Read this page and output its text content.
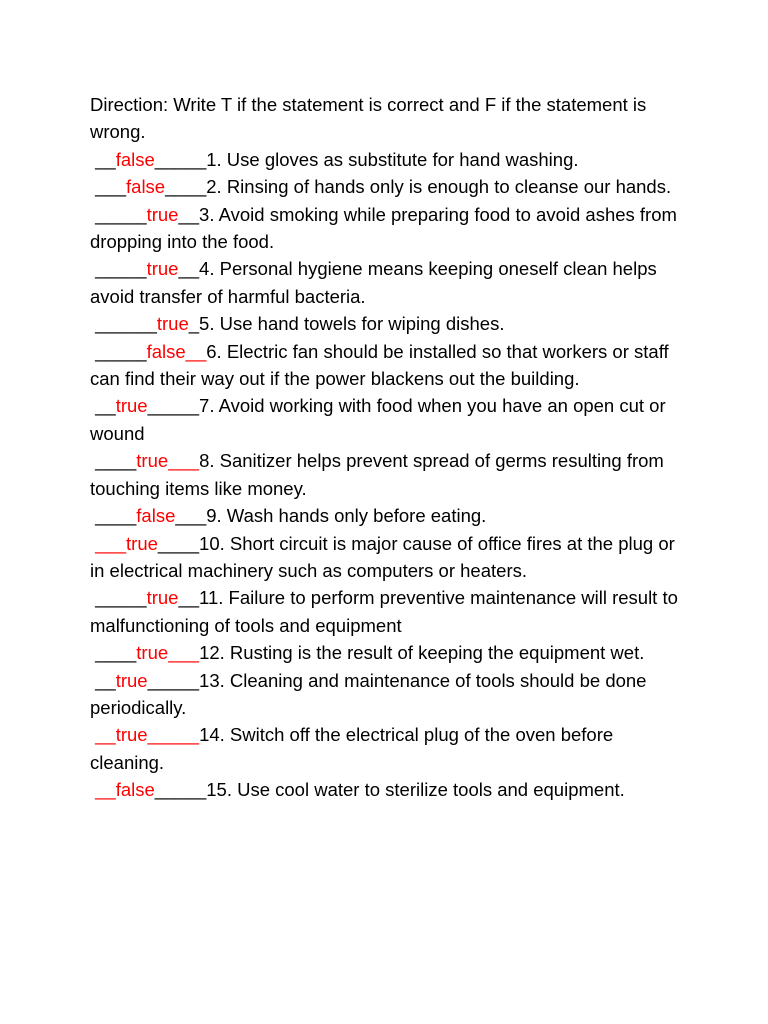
Direction: Write T if the statement is correct and F if the statement is wrong.
__false_____1. Use gloves as substitute for hand washing.
___false____2. Rinsing of hands only is enough to cleanse our hands.
_____true__3. Avoid smoking while preparing food to avoid ashes from dropping into the food.
_____true__4. Personal hygiene means keeping oneself clean helps avoid transfer of harmful bacteria.
______true_5. Use hand towels for wiping dishes.
_____false__6. Electric fan should be installed so that workers or staff can find their way out if the power blackens out the building.
__true_____7. Avoid working with food when you have an open cut or wound
____true___8. Sanitizer helps prevent spread of germs resulting from touching items like money.
____false___9. Wash hands only before eating.
___true____10. Short circuit is major cause of office fires at the plug or in electrical machinery such as computers or heaters.
_____true__11. Failure to perform preventive maintenance will result to malfunctioning of tools and equipment
____true___12. Rusting is the result of keeping the equipment wet.
__true_____13. Cleaning and maintenance of tools should be done periodically.
__true_____14. Switch off the electrical plug of the oven before cleaning.
__false_____15. Use cool water to sterilize tools and equipment.
